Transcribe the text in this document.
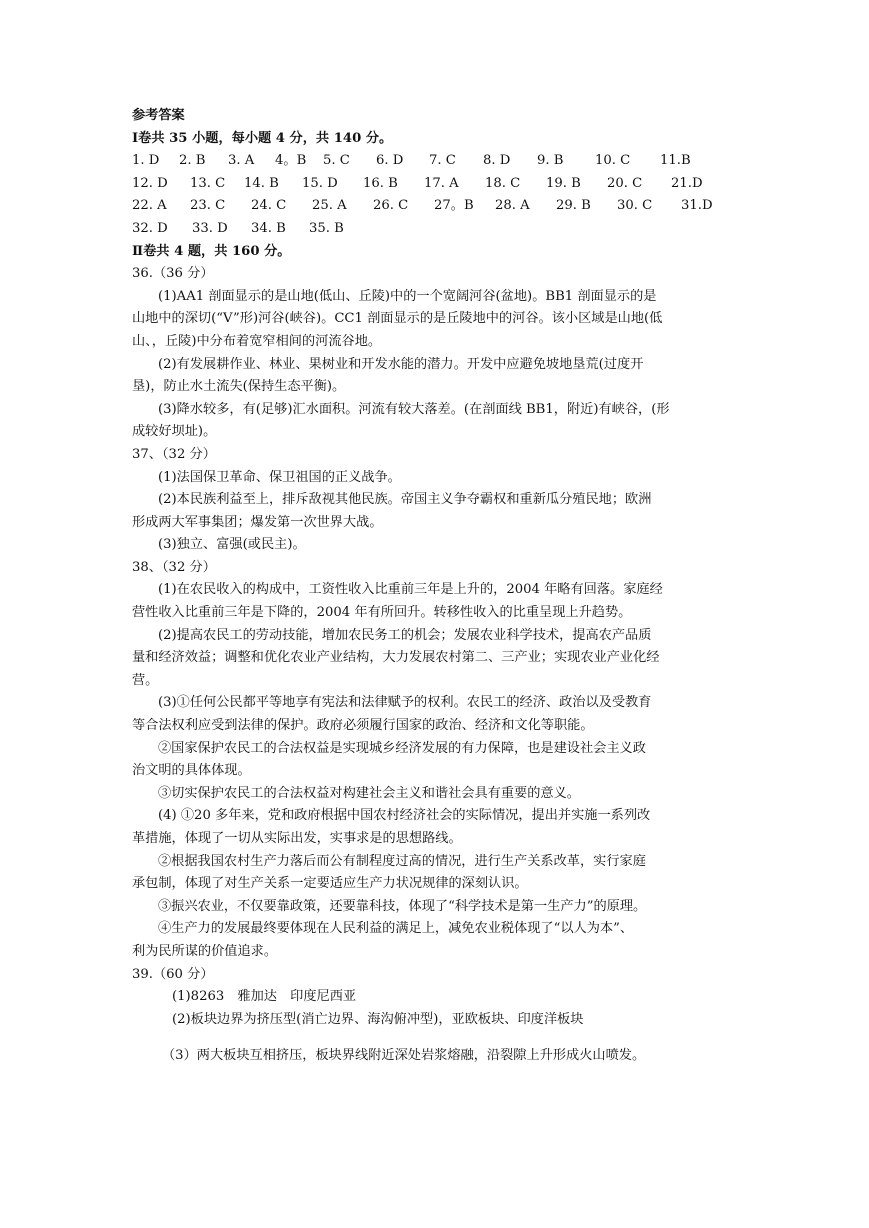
参考答案
Ⅰ卷共 35 小题，每小题 4 分，共 140 分。
1. D	2. B	3. A	4。B	5. C	6. D	7. C	8. D	9. B	10. C	11.B
12. D	13. C	14. B	15. D	16. B	17. A	18. C	19. B	20. C	21.D
22. A	23. C	24. C	25. A	26. C	27。B	28. A	29. B	30. C	31.D
32. D	33. D	34. B	35. B
Ⅱ卷共 4 题，共 160 分。
36.（36 分）
(1)AA1 剖面显示的是山地(低山、丘陵)中的一个宽阔河谷(盆地)。BB1 剖面显示的是
山地中的深切(“V”形)河谷(峡谷)。CC1 剖面显示的是丘陵地中的河谷。该小区域是山地(低
山、，丘陵)中分布着宽窄相间的河流谷地。
(2)有发展耕作业、林业、果树业和开发水能的潜力。开发中应避免坡地垦荒(过度开
垦)，防止水土流失(保持生态平衡)。
(3)降水较多，有(足够)汇水面积。河流有较大落差。(在剖面线 BB1，附近)有峡谷，(形
成较好坝址)。
37、（32 分）
(1)法国保卫革命、保卫祖国的正义战争。
(2)本民族利益至上，排斥敌视其他民族。帝国主义争夺霸权和重新瓜分殖民地；欧洲
形成两大军事集团；爆发第一次世界大战。
(3)独立、富强(或民主)。
38、（32 分）
(1)在农民收入的构成中，工资性收入比重前三年是上升的，2004 年略有回落。家庭经
营性收入比重前三年是下降的，2004 年有所回升。转移性收入的比重呈现上升趋势。
(2)提高农民工的劳动技能，增加农民务工的机会；发展农业科学技术，提高农产品质
量和经济效益；调整和优化农业产业结构，大力发展农村第二、三产业；实现农业产业化经
营。
(3)①任何公民都平等地享有宪法和法律赋予的权利。农民工的经济、政治以及受教育
等合法权利应受到法律的保护。政府必须履行国家的政治、经济和文化等职能。
②国家保护农民工的合法权益是实现城乡经济发展的有力保障，也是建设社会主义政
治文明的具体体现。
③切实保护农民工的合法权益对构建社会主义和谐社会具有重要的意义。
(4) ①20 多年来，党和政府根据中国农村经济社会的实际情况，提出并实施一系列改
革措施，体现了一切从实际出发，实事求是的思想路线。
②根据我国农村生产力落后而公有制程度过高的情况，进行生产关系改革，实行家庭
承包制，体现了对生产关系一定要适应生产力状况规律的深刻认识。
③振兴农业，不仅要靠政策，还要靠科技，体现了“科学技术是第一生产力”的原理。
④生产力的发展最终要体现在人民利益的满足上，减免农业税体现了“以人为本”、
利为民所谋的价值追求。
39.（60 分）
(1)8263　雅加达　印度尼西亚
(2)板块边界为挤压型(消亡边界、海沟俯冲型)，亚欧板块、印度洋板块
（3）两大板块互相挤压，板块界线附近深处岩浆熔融，沿裂隙上升形成火山喷发。
